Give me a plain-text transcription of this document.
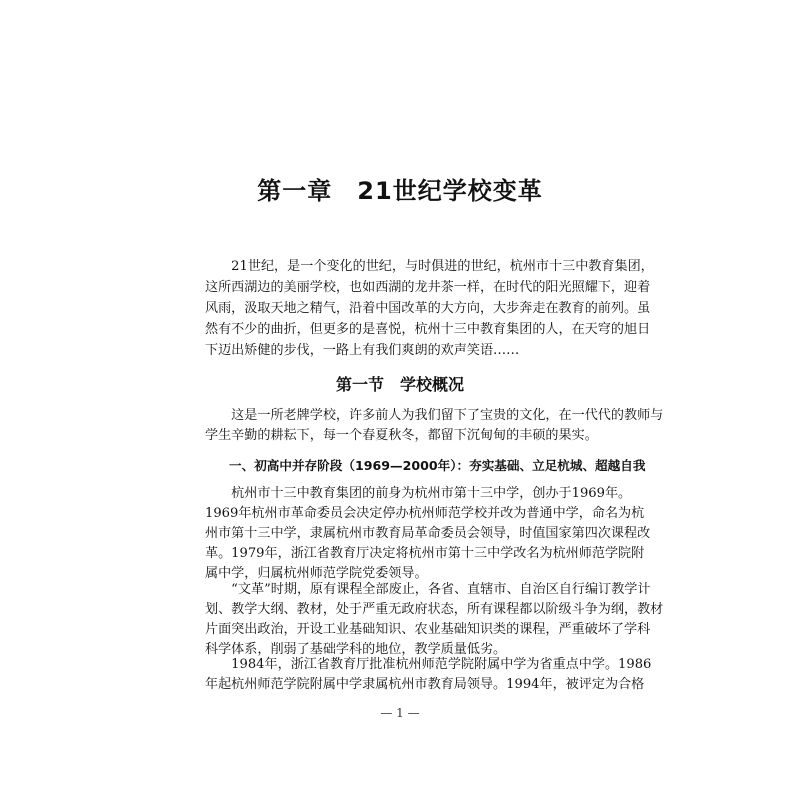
第一章　21世纪学校变革
　　21世纪，是一个变化的世纪，与时俱进的世纪，杭州市十三中教育集团，
这所西湖边的美丽学校，也如西湖的龙井茶一样，在时代的阳光照耀下，迎着
风雨，汲取天地之精气，沿着中国改革的大方向，大步奔走在教育的前列。虽
然有不少的曲折，但更多的是喜悦，杭州十三中教育集团的人，在天穹的旭日
下迈出矫健的步伐，一路上有我们爽朗的欢声笑语……
第一节　学校概况
　　这是一所老牌学校，许多前人为我们留下了宝贵的文化，在一代代的教师与
学生辛勤的耕耘下，每一个春夏秋冬，都留下沉甸甸的丰硕的果实。
一、初高中并存阶段（1969—2000年）：夯实基础、立足杭城、超越自我
　　杭州市十三中教育集团的前身为杭州市第十三中学，创办于1969年。
1969年杭州市革命委员会决定停办杭州师范学校并改为普通中学，命名为杭
州市第十三中学，隶属杭州市教育局革命委员会领导，时值国家第四次课程改
革。1979年，浙江省教育厅决定将杭州市第十三中学改名为杭州师范学院附
属中学，归属杭州师范学院党委领导。
　　“文革”时期，原有课程全部废止，各省、直辖市、自治区自行编订教学计
划、教学大纲、教材，处于严重无政府状态，所有课程都以阶级斗争为纲，教材
片面突出政治，开设工业基础知识、农业基础知识类的课程，严重破坏了学科
科学体系，削弱了基础学科的地位，教学质量低劣。
　　1984年，浙江省教育厅批准杭州师范学院附属中学为省重点中学。1986
年起杭州师范学院附属中学隶属杭州市教育局领导。1994年，被评定为合格
— 1 —
